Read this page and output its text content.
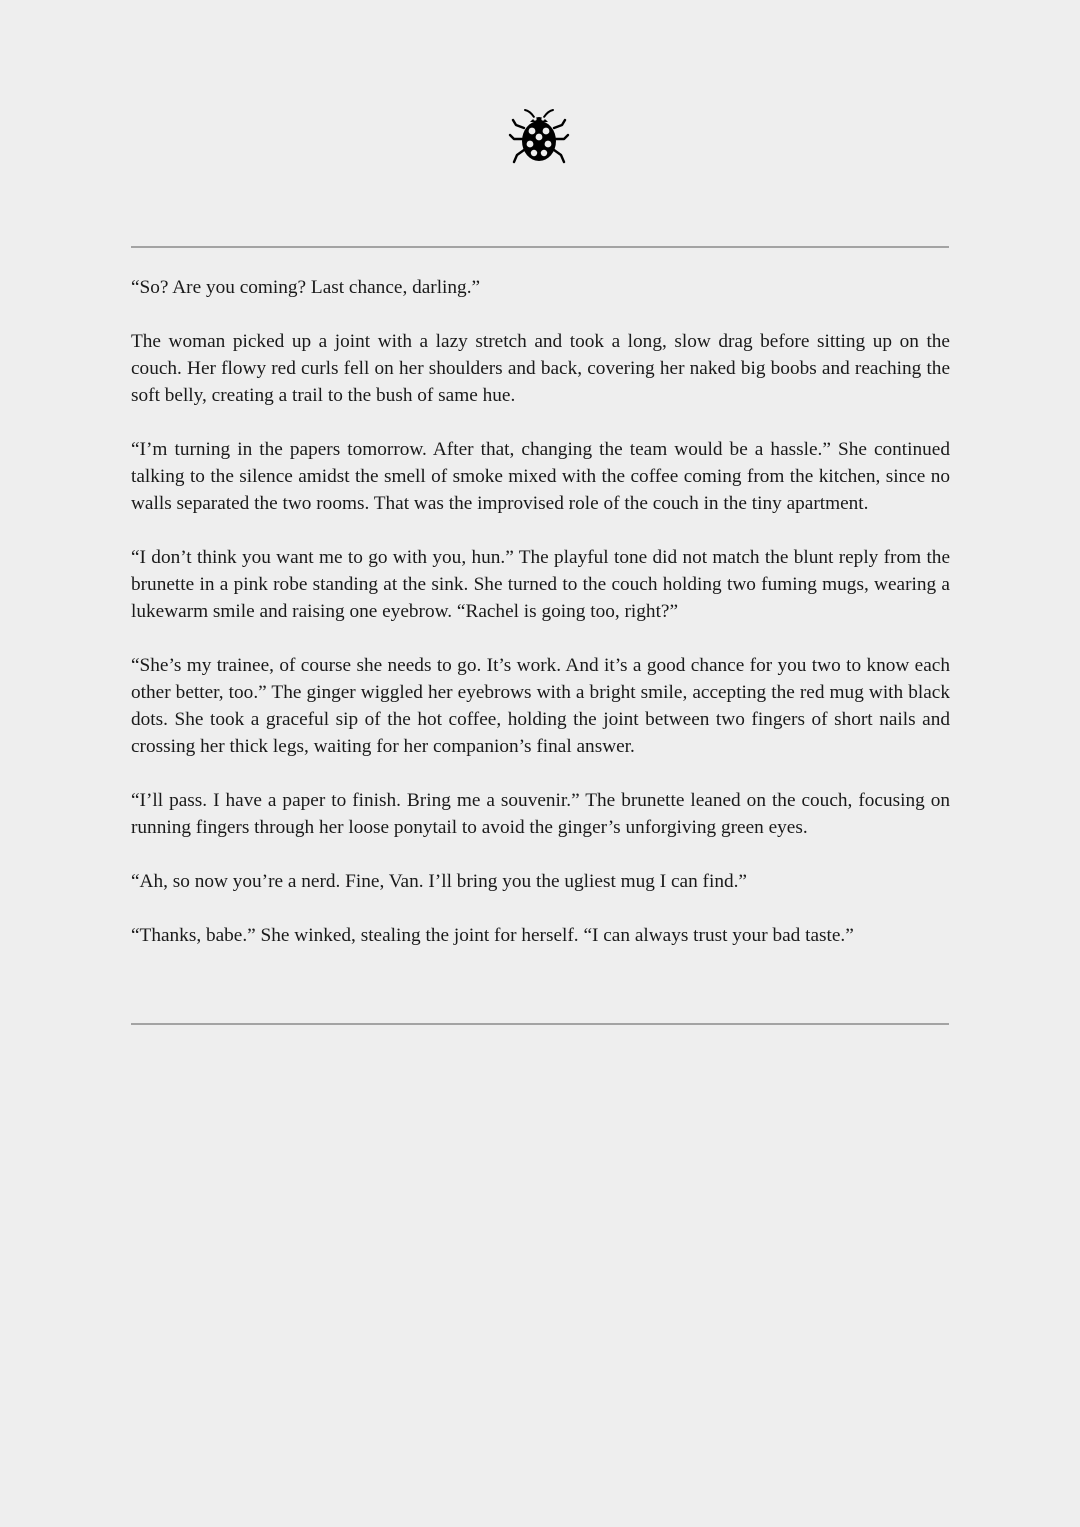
“So? Are you coming? Last chance, darling.”

The woman picked up a joint with a lazy stretch and took a long, slow drag before sitting up on the couch. Her flowy red curls fell on her shoulders and back, covering her naked big boobs and reaching the soft belly, creating a trail to the bush of same hue.

“I’m turning in the papers tomorrow. After that, changing the team would be a hassle.” She continued talking to the silence amidst the smell of smoke mixed with the coffee coming from the kitchen, since no walls separated the two rooms. That was the improvised role of the couch in the tiny apartment.

“I don’t think you want me to go with you, hun.” The playful tone did not match the blunt reply from the brunette in a pink robe standing at the sink. She turned to the couch holding two fuming mugs, wearing a lukewarm smile and raising one eyebrow. “Rachel is going too, right?”

“She’s my trainee, of course she needs to go. It’s work. And it’s a good chance for you two to know each other better, too.” The ginger wiggled her eyebrows with a bright smile, accepting the red mug with black dots. She took a graceful sip of the hot coffee, holding the joint between two fingers of short nails and crossing her thick legs, waiting for her companion’s final answer.

“I’ll pass. I have a paper to finish. Bring me a souvenir.” The brunette leaned on the couch, focusing on running fingers through her loose ponytail to avoid the ginger’s unforgiving green eyes.

“Ah, so now you’re a nerd. Fine, Van. I’ll bring you the ugliest mug I can find.”

“Thanks, babe.” She winked, stealing the joint for herself. “I can always trust your bad taste.”
